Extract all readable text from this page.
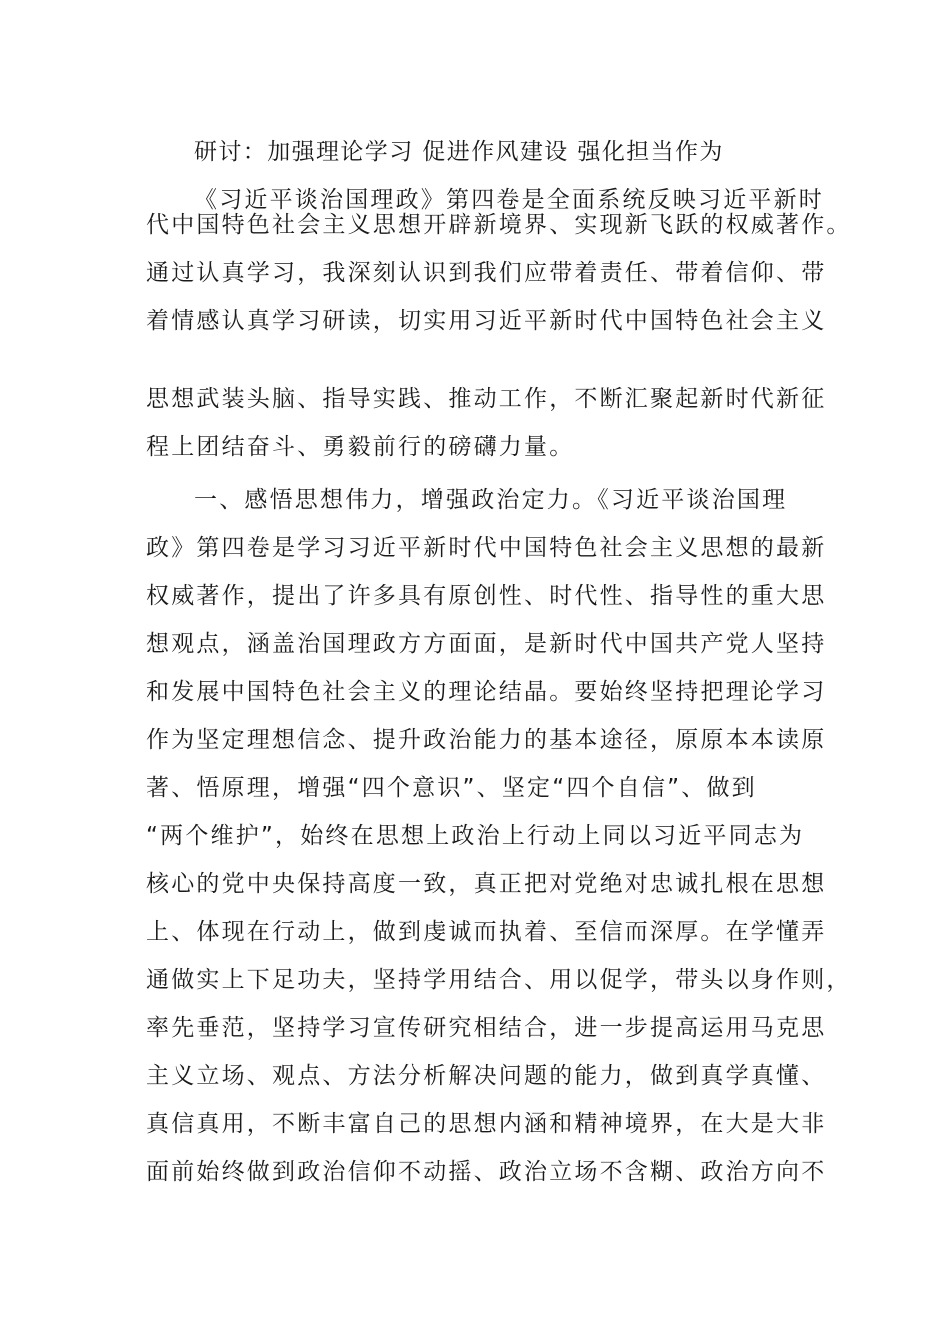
研讨：加强理论学习 促进作风建设 强化担当作为
《习近平谈治国理政》第四卷是全面系统反映习近平新时
代中国特色社会主义思想开辟新境界、实现新飞跃的权威著作。
通过认真学习，我深刻认识到我们应带着责任、带着信仰、带
着情感认真学习研读，切实用习近平新时代中国特色社会主义
思想武装头脑、指导实践、推动工作，不断汇聚起新时代新征
程上团结奋斗、勇毅前行的磅礴力量。
一、感悟思想伟力，增强政治定力。《习近平谈治国理
政》第四卷是学习习近平新时代中国特色社会主义思想的最新
权威著作，提出了许多具有原创性、时代性、指导性的重大思
想观点，涵盖治国理政方方面面，是新时代中国共产党人坚持
和发展中国特色社会主义的理论结晶。要始终坚持把理论学习
作为坚定理想信念、提升政治能力的基本途径，原原本本读原
著、悟原理，增强“四个意识”、坚定“四个自信”、做到
“两个维护”，始终在思想上政治上行动上同以习近平同志为
核心的党中央保持高度一致，真正把对党绝对忠诚扎根在思想
上、体现在行动上，做到虔诚而执着、至信而深厚。在学懂弄
通做实上下足功夫，坚持学用结合、用以促学，带头以身作则，
率先垂范，坚持学习宣传研究相结合，进一步提高运用马克思
主义立场、观点、方法分析解决问题的能力，做到真学真懂、
真信真用，不断丰富自己的思想内涵和精神境界，在大是大非
面前始终做到政治信仰不动摇、政治立场不含糊、政治方向不
